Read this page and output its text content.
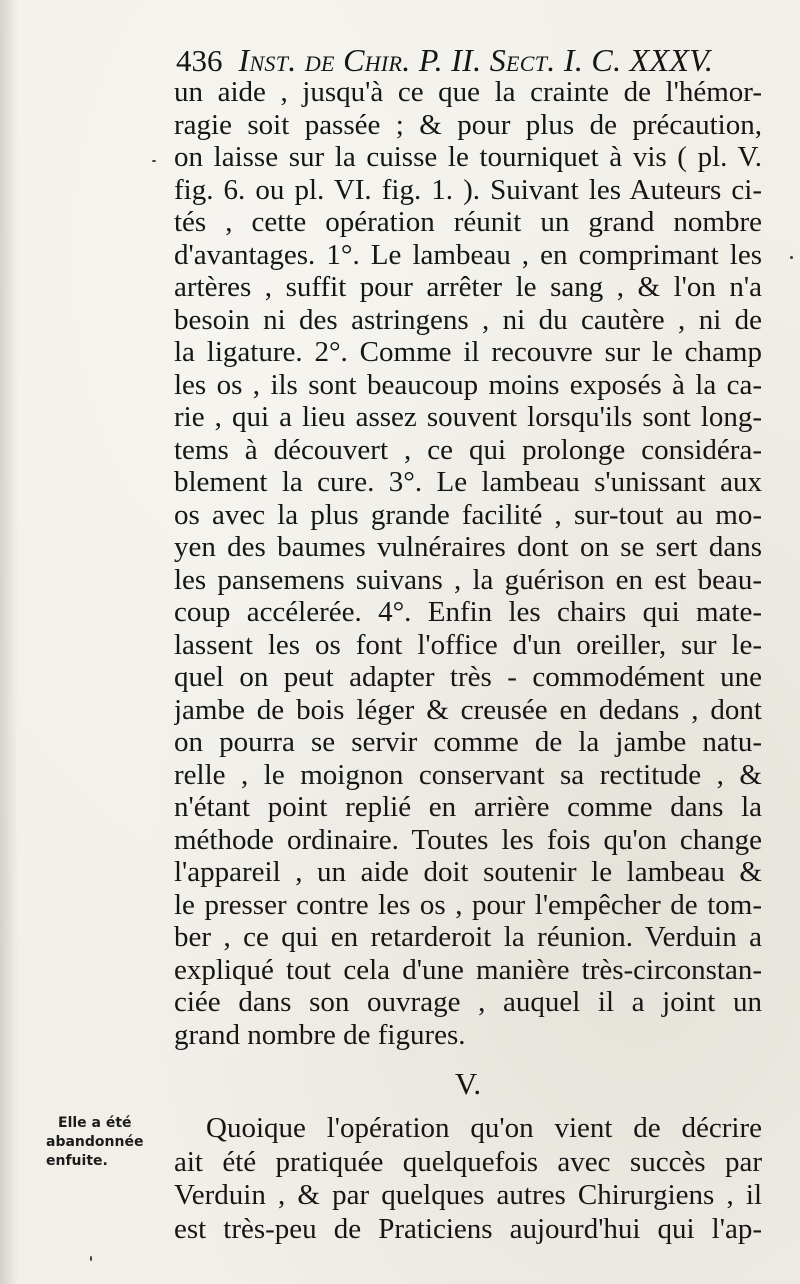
436 Inst. de Chir. P. II. Sect. I. C. XXXV.
un aide , jusqu'à ce que la crainte de l'hémor-
ragie soit passée ; & pour plus de précaution,
on laisse sur la cuisse le tourniquet à vis ( pl. V.
fig. 6. ou pl. VI. fig. 1. ). Suivant les Auteurs ci-
tés , cette opération réunit un grand nombre
d'avantages. 1°. Le lambeau , en comprimant les
artères , suffit pour arrêter le sang , & l'on n'a
besoin ni des astringens , ni du cautère , ni de
la ligature. 2°. Comme il recouvre sur le champ
les os , ils sont beaucoup moins exposés à la ca-
rie , qui a lieu assez souvent lorsqu'ils sont long-
tems à découvert , ce qui prolonge considéra-
blement la cure. 3°. Le lambeau s'unissant aux
os avec la plus grande facilité , sur-tout au mo-
yen des baumes vulnéraires dont on se sert dans
les pansemens suivans , la guérison en est beau-
coup accélerée. 4°. Enfin les chairs qui mate-
lassent les os font l'office d'un oreiller, sur le-
quel on peut adapter très - commodément une
jambe de bois léger & creusée en dedans , dont
on pourra se servir comme de la jambe natu-
relle , le moignon conservant sa rectitude , &
n'étant point replié en arrière comme dans la
méthode ordinaire. Toutes les fois qu'on change
l'appareil , un aide doit soutenir le lambeau &
le presser contre les os , pour l'empêcher de tom-
ber , ce qui en retarderoit la réunion. Verduin a
expliqué tout cela d'une manière très-circonstan-
ciée dans son ouvrage , auquel il a joint un
grand nombre de figures.
V.
Quoique l'opération qu'on vient de décrire
ait été pratiquée quelquefois avec succès par
Verduin , & par quelques autres Chirurgiens , il
est très-peu de Praticiens aujourd'hui qui l'ap-
Elle a été
abandonnée
enfuite.
